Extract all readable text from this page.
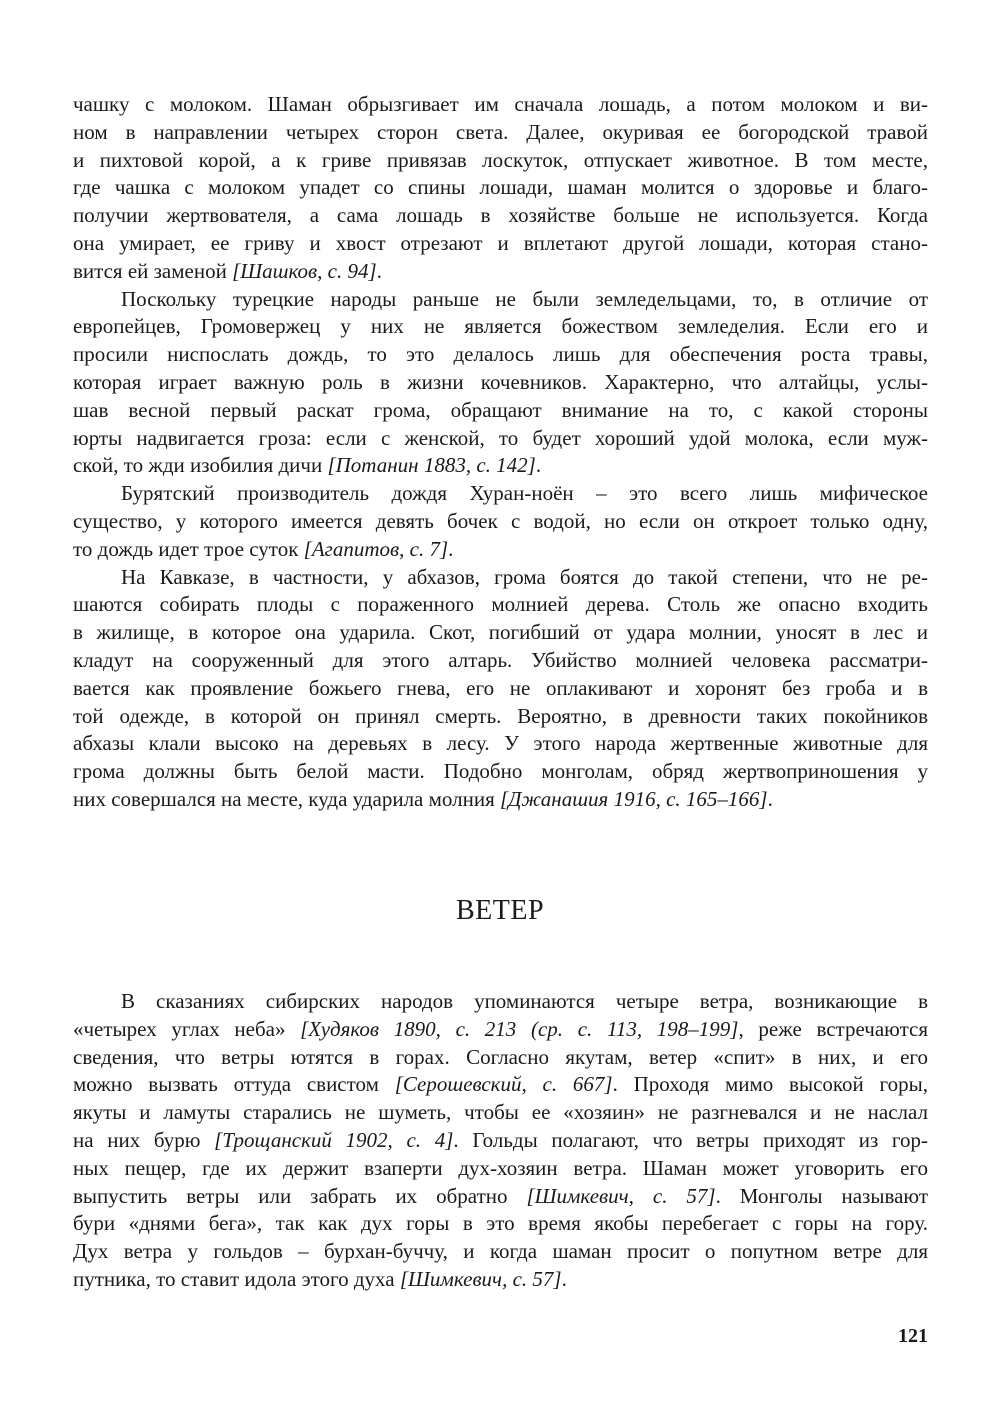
чашку с молоком. Шаман обрызгивает им сначала лошадь, а потом молоком и ви-
ном в направлении четырех сторон света. Далее, окуривая ее богородской травой
и пихтовой корой, а к гриве привязав лоскуток, отпускает животное. В том месте,
где чашка с молоком упадет со спины лошади, шаман молится о здоровье и благо-
получии жертвователя, а сама лошадь в хозяйстве больше не используется. Когда
она умирает, ее гриву и хвост отрезают и вплетают другой лошади, которая стано-
вится ей заменой [Шашков, с. 94].
Поскольку турецкие народы раньше не были земледельцами, то, в отличие от
европейцев, Громовержец у них не является божеством земледелия. Если его и
просили ниспослать дождь, то это делалось лишь для обеспечения роста травы,
которая играет важную роль в жизни кочевников. Характерно, что алтайцы, услы-
шав весной первый раскат грома, обращают внимание на то, с какой стороны
юрты надвигается гроза: если с женской, то будет хороший удой молока, если муж-
ской, то жди изобилия дичи [Потанин 1883, с. 142].
Бурятский производитель дождя Хуран-ноён – это всего лишь мифическое
существо, у которого имеется девять бочек с водой, но если он откроет только одну,
то дождь идет трое суток [Агапитов, с. 7].
На Кавказе, в частности, у абхазов, грома боятся до такой степени, что не ре-
шаются собирать плоды с пораженного молнией дерева. Столь же опасно входить
в жилище, в которое она ударила. Скот, погибший от удара молнии, уносят в лес и
кладут на сооруженный для этого алтарь. Убийство молнией человека рассматри-
вается как проявление божьего гнева, его не оплакивают и хоронят без гроба и в
той одежде, в которой он принял смерть. Вероятно, в древности таких покойников
абхазы клали высоко на деревьях в лесу. У этого народа жертвенные животные для
грома должны быть белой масти. Подобно монголам, обряд жертвоприношения у
них совершался на месте, куда ударила молния [Джанашия 1916, с. 165–166].
ВЕТЕР
В сказаниях сибирских народов упоминаются четыре ветра, возникающие в
«четырех углах неба» [Худяков 1890, с. 213 (ср. с. 113, 198–199], реже встречаются
сведения, что ветры ютятся в горах. Согласно якутам, ветер «спит» в них, и его
можно вызвать оттуда свистом [Серошевский, с. 667]. Проходя мимо высокой горы,
якуты и ламуты старались не шуметь, чтобы ее «хозяин» не разгневался и не наслал
на них бурю [Трощанский 1902, с. 4]. Гольды полагают, что ветры приходят из гор-
ных пещер, где их держит взаперти дух-хозяин ветра. Шаман может уговорить его
выпустить ветры или забрать их обратно [Шимкевич, с. 57]. Монголы называют
бури «днями бега», так как дух горы в это время якобы перебегает с горы на гору.
Дух ветра у гольдов – бурхан-буччу, и когда шаман просит о попутном ветре для
путника, то ставит идола этого духа [Шимкевич, с. 57].
121
